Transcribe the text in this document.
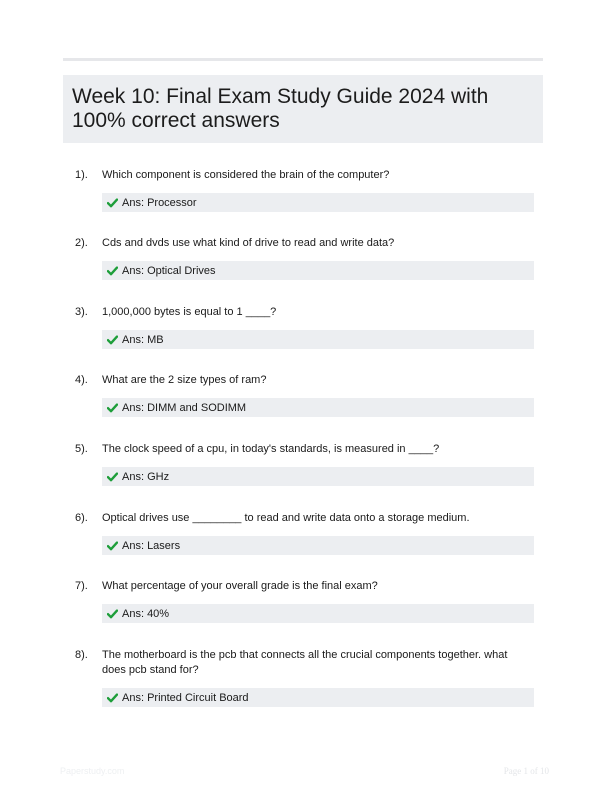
Week 10: Final Exam Study Guide 2024 with 100% correct answers
1). Which component is considered the brain of the computer?
Ans: Processor
2). Cds and dvds use what kind of drive to read and write data?
Ans: Optical Drives
3). 1,000,000 bytes is equal to 1 ____?
Ans: MB
4). What are the 2 size types of ram?
Ans: DIMM and SODIMM
5). The clock speed of a cpu, in today's standards, is measured in ____?
Ans: GHz
6). Optical drives use ________ to read and write data onto a storage medium.
Ans: Lasers
7). What percentage of your overall grade is the final exam?
Ans: 40%
8). The motherboard is the pcb that connects all the crucial components together. what does pcb stand for?
Ans: Printed Circuit Board
Paperstudy.com	Page 1 of 10
